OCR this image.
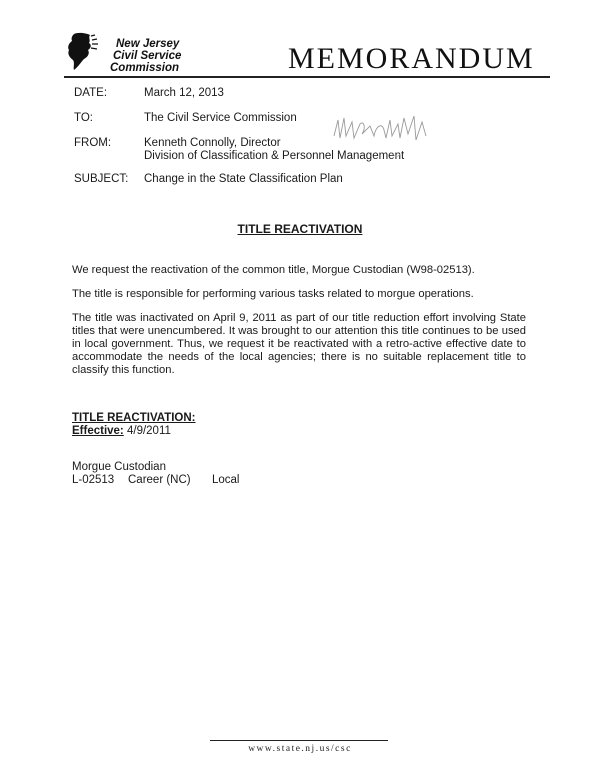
New Jersey
Civil Service
Commission	MEMORANDUM
DATE:	March 12, 2013
TO:	The Civil Service Commission
FROM:	Kenneth Connolly, Director
Division of Classification & Personnel Management
SUBJECT: Change in the State Classification Plan
TITLE REACTIVATION
We request the reactivation of the common title, Morgue Custodian (W98-02513).
The title is responsible for performing various tasks related to morgue operations.
The title was inactivated on April 9, 2011 as part of our title reduction effort involving State titles that were unencumbered. It was brought to our attention this title continues to be used in local government. Thus, we request it be reactivated with a retro-active effective date to accommodate the needs of the local agencies; there is no suitable replacement title to classify this function.
TITLE REACTIVATION:
Effective: 4/9/2011
Morgue Custodian
L-02513 Career (NC) Local
www.state.nj.us/csc
